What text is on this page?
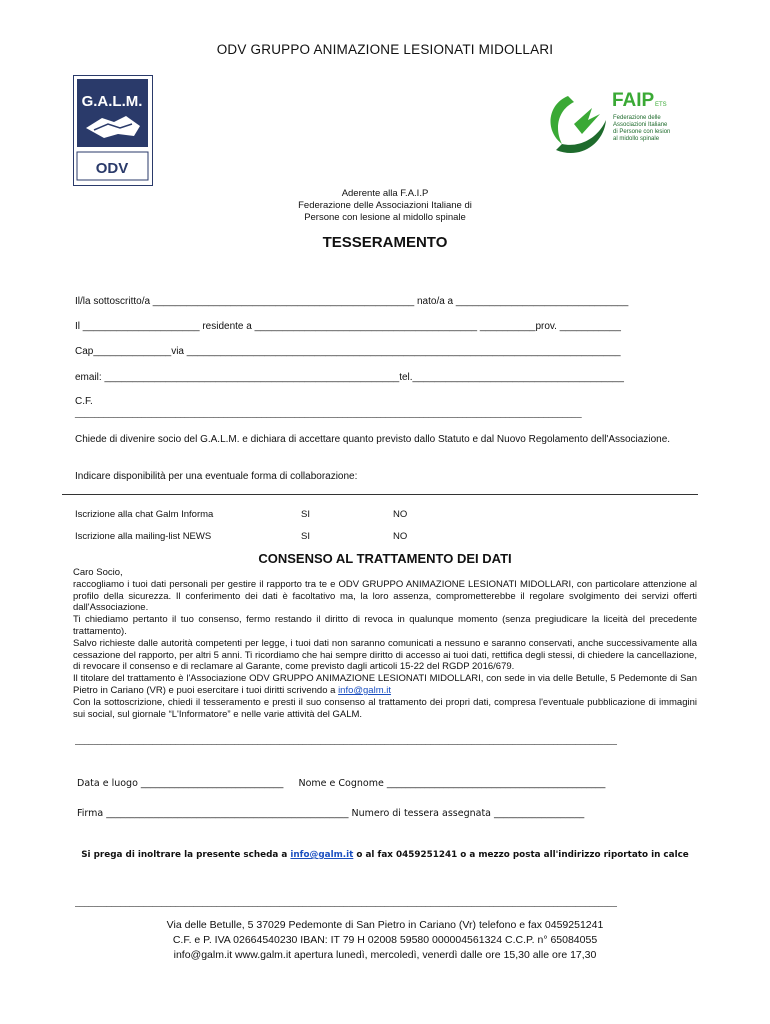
ODV GRUPPO ANIMAZIONE LESIONATI MIDOLLARI
G.A.L.M.
ODV
FAIP ETS
Federazione delle
Associazioni Italiane
di Persone con lesioni
al midollo spinale
Aderente alla F.A.I.P
Federazione delle Associazioni Italiane di
Persone con lesione al midollo spinale
TESSERAMENTO
Il/la sottoscritto/a _______________________________________________ nato/a a _______________________________
Il _____________________ residente a ________________________________________ __________prov. ___________
Cap______________via ______________________________________________________________________________
email: _____________________________________________________tel.______________________________________
C.F.
__________________________________________________________________________________________________________
Chiede di divenire socio del G.A.L.M. e dichiara di accettare quanto previsto dallo Statuto e dal Nuovo Regolamento dell'Associazione.
Indicare disponibilità per una eventuale forma di collaborazione:
Iscrizione alla chat Galm Informa	SI	NO
Iscrizione alla mailing-list NEWS	SI	NO
CONSENSO AL TRATTAMENTO DEI DATI
Caro Socio,
raccogliamo i tuoi dati personali per gestire il rapporto tra te e ODV GRUPPO ANIMAZIONE LESIONATI MIDOLLARI, con particolare attenzione al profilo della sicurezza. Il conferimento dei dati è facoltativo ma, la loro assenza, comprometterebbe il regolare svolgimento dei servizi offerti dall'Associazione.
Ti chiediamo pertanto il tuo consenso, fermo restando il diritto di revoca in qualunque momento (senza pregiudicare la liceità del precedente trattamento).
Salvo richieste dalle autorità competenti per legge, i tuoi dati non saranno comunicati a nessuno e saranno conservati, anche successivamente alla cessazione del rapporto, per altri 5 anni. Ti ricordiamo che hai sempre diritto di accesso ai tuoi dati, rettifica degli stessi, di chiedere la cancellazione, di revocare il consenso e di reclamare al Garante, come previsto dagli articoli 15-22 del RGDP 2016/679.
Il titolare del trattamento è l'Associazione ODV GRUPPO ANIMAZIONE LESIONATI MIDOLLARI, con sede in via delle Betulle, 5 Pedemonte di San Pietro in Cariano (VR) e puoi esercitare i tuoi diritti scrivendo a info@galm.it
Con la sottoscrizione, chiedi il tesseramento e presti il suo consenso al trattamento dei propri dati, compresa l'eventuale pubblicazione di immagini sui social, sul giornale “L'Informatore” e nelle varie attività del GALM.
_______________________________________________________________________________________________________________________
Data e luogo ______________________________     Nome e Cognome ______________________________________________
Firma ___________________________________________________ Numero di tessera assegnata ___________________
Si prega di inoltrare la presente scheda a info@galm.it o al fax 0459251241 o a mezzo posta all'indirizzo riportato in calce
_______________________________________________________________________________________________________________________
Via delle Betulle, 5 37029 Pedemonte di San Pietro in Cariano (Vr) telefono e fax 0459251241
C.F. e P. IVA 02664540230 IBAN: IT 79 H 02008 59580 000004561324 C.C.P. n° 65084055
info@galm.it www.galm.it apertura lunedì, mercoledì, venerdì dalle ore 15,30 alle ore 17,30
